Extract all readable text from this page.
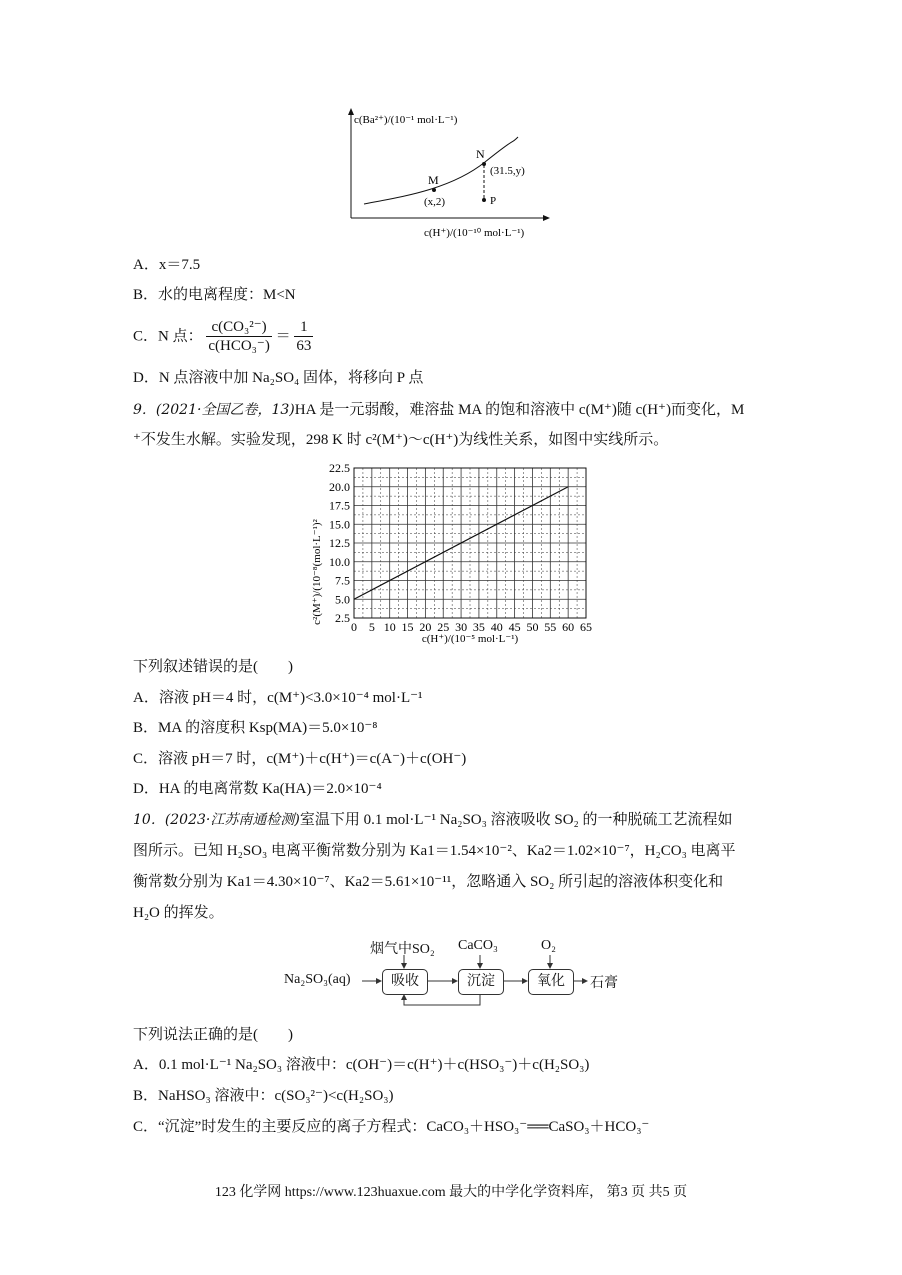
c(Ba²⁺)/(10⁻¹ mol·L⁻¹)
M
(x,2)
N
(31.5,y)
P
c(H⁺)/(10⁻¹⁰ mol·L⁻¹)
A．x＝7.5
B．水的电离程度：M<N
C．N 点： $\frac{\text{c(CO₃²⁻)}}{\text{c(HCO₃⁻)}} = \frac{1}{63}$
D．N 点溶液中加 Na₂SO₄ 固体，将移向 P 点
9．(2021·全国乙卷，13)HA 是一元弱酸，难溶盐 MA 的饱和溶液中 c(M⁺)随 c(H⁺)而变化，M
⁺不发生水解。实验发现，298 K 时 c²(M⁺)～c(H⁺)为线性关系，如图中实线所示。
2.5
5.0
7.5
10.0
12.5
15.0
17.5
20.0
22.5
0 5 10 15 20 25 30 35 40 45 50 55 60 65
c²(M⁺)/(10⁻⁸(mol·L⁻¹)²
c(H⁺)/(10⁻⁵ mol·L⁻¹)
下列叙述错误的是(　　)
A．溶液 pH＝4 时，c(M⁺)<3.0×10⁻⁴ mol·L⁻¹
B．MA 的溶度积 Ksp(MA)＝5.0×10⁻⁸
C．溶液 pH＝7 时，c(M⁺)＋c(H⁺)＝c(A⁻)＋c(OH⁻)
D．HA 的电离常数 Ka(HA)＝2.0×10⁻⁴
10．(2023·江苏南通检测)室温下用 0.1 mol·L⁻¹ Na₂SO₃ 溶液吸收 SO₂ 的一种脱硫工艺流程如
图所示。已知 H₂SO₃ 电离平衡常数分别为 Ka1＝1.54×10⁻²、Ka2＝1.02×10⁻⁷，H₂CO₃ 电离平
衡常数分别为 Ka1＝4.30×10⁻⁷、Ka2＝5.61×10⁻¹¹，忽略通入 SO₂ 所引起的溶液体积变化和
H₂O 的挥发。
Na₂SO₃(aq)	吸收	沉淀	氧化	石膏
烟气中SO₂ CaCO₃	O₂
下列说法正确的是(　　)
A．0.1 mol·L⁻¹ Na₂SO₃ 溶液中：c(OH⁻)＝c(H⁺)＋c(HSO₃⁻)＋c(H₂SO₃)
B．NaHSO₃ 溶液中：c(SO₃²⁻)<c(H₂SO₃)
C．“沉淀”时发生的主要反应的离子方程式：CaCO₃＋HSO₃⁻══CaSO₃＋HCO₃⁻
123 化学网 https://www.123huaxue.com 最大的中学化学资料库， 第3 页 共5 页
